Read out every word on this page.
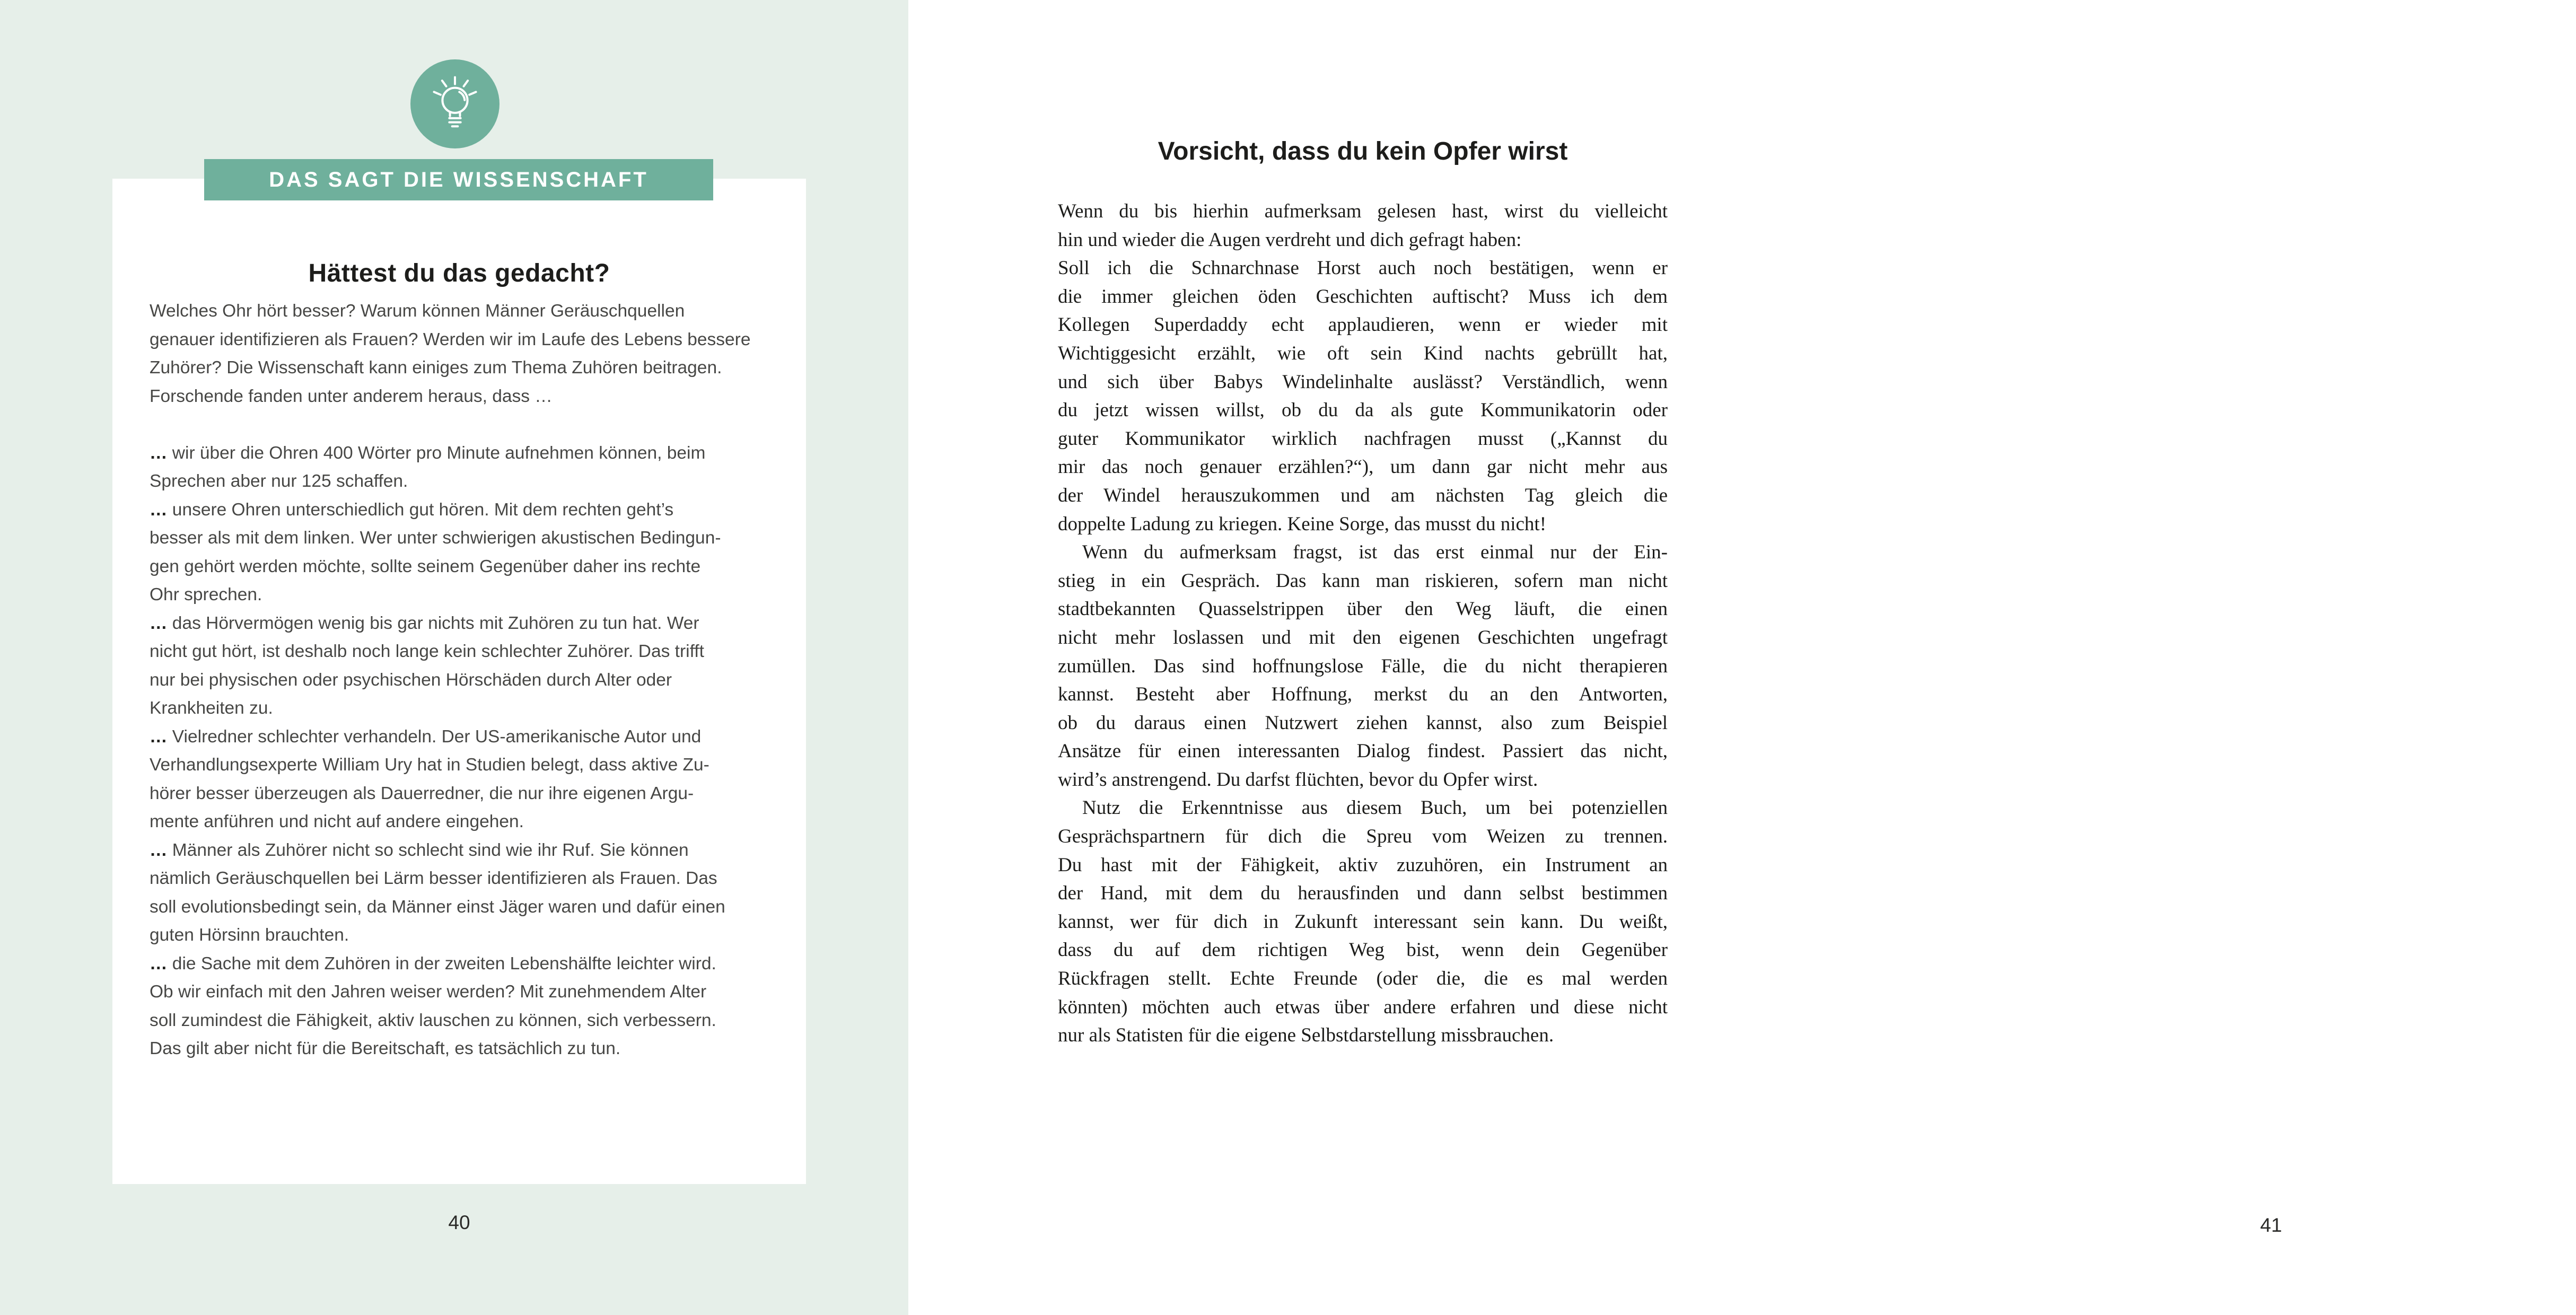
DAS SAGT DIE WISSENSCHAFT
Hättest du das gedacht?
Welches Ohr hört besser? Warum können Männer Geräuschquellen
genauer identifizieren als Frauen? Werden wir im Laufe des Lebens bessere
Zuhörer? Die Wissenschaft kann einiges zum Thema Zuhören beitragen.
Forschende fanden unter anderem heraus, dass …
… wir über die Ohren 400 Wörter pro Minute aufnehmen können, beim
Sprechen aber nur 125 schaffen.
… unsere Ohren unterschiedlich gut hören. Mit dem rechten geht’s
besser als mit dem linken. Wer unter schwierigen akustischen Bedingun-
gen gehört werden möchte, sollte seinem Gegenüber daher ins rechte
Ohr sprechen.
… das Hörvermögen wenig bis gar nichts mit Zuhören zu tun hat. Wer
nicht gut hört, ist deshalb noch lange kein schlechter Zuhörer. Das trifft
nur bei physischen oder psychischen Hörschäden durch Alter oder
Krankheiten zu.
… Vielredner schlechter verhandeln. Der US-amerikanische Autor und
Verhandlungsexperte William Ury hat in Studien belegt, dass aktive Zu-
hörer besser überzeugen als Dauerredner, die nur ihre eigenen Argu-
mente anführen und nicht auf andere eingehen.
… Männer als Zuhörer nicht so schlecht sind wie ihr Ruf. Sie können
nämlich Geräuschquellen bei Lärm besser identifizieren als Frauen. Das
soll evolutionsbedingt sein, da Männer einst Jäger waren und dafür einen
guten Hörsinn brauchten.
… die Sache mit dem Zuhören in der zweiten Lebenshälfte leichter wird.
Ob wir einfach mit den Jahren weiser werden? Mit zunehmendem Alter
soll zumindest die Fähigkeit, aktiv lauschen zu können, sich verbessern.
Das gilt aber nicht für die Bereitschaft, es tatsächlich zu tun.
40
Vorsicht, dass du kein Opfer wirst
Wenn du bis hierhin aufmerksam gelesen hast, wirst du vielleicht
hin und wieder die Augen verdreht und dich gefragt haben:
Soll ich die Schnarchnase Horst auch noch bestätigen, wenn er
die immer gleichen öden Geschichten auftischt? Muss ich dem
Kollegen Superdaddy echt applaudieren, wenn er wieder mit
Wichtiggesicht erzählt, wie oft sein Kind nachts gebrüllt hat,
und sich über Babys Windelinhalte auslässt? Verständlich, wenn
du jetzt wissen willst, ob du da als gute Kommunikatorin oder
guter Kommunikator wirklich nachfragen musst („Kannst du
mir das noch genauer erzählen?“), um dann gar nicht mehr aus
der Windel herauszukommen und am nächsten Tag gleich die
doppelte Ladung zu kriegen. Keine Sorge, das musst du nicht!
Wenn du aufmerksam fragst, ist das erst einmal nur der Ein-
stieg in ein Gespräch. Das kann man riskieren, sofern man nicht
stadtbekannten Quasselstrippen über den Weg läuft, die einen
nicht mehr loslassen und mit den eigenen Geschichten ungefragt
zumüllen. Das sind hoffnungslose Fälle, die du nicht therapieren
kannst. Besteht aber Hoffnung, merkst du an den Antworten,
ob du daraus einen Nutzwert ziehen kannst, also zum Beispiel
Ansätze für einen interessanten Dialog findest. Passiert das nicht,
wird’s anstrengend. Du darfst flüchten, bevor du Opfer wirst.
Nutz die Erkenntnisse aus diesem Buch, um bei potenziellen
Gesprächspartnern für dich die Spreu vom Weizen zu trennen.
Du hast mit der Fähigkeit, aktiv zuzuhören, ein Instrument an
der Hand, mit dem du herausfinden und dann selbst bestimmen
kannst, wer für dich in Zukunft interessant sein kann. Du weißt,
dass du auf dem richtigen Weg bist, wenn dein Gegenüber
Rückfragen stellt. Echte Freunde (oder die, die es mal werden
könnten) möchten auch etwas über andere erfahren und diese nicht
nur als Statisten für die eigene Selbstdarstellung missbrauchen.
41
